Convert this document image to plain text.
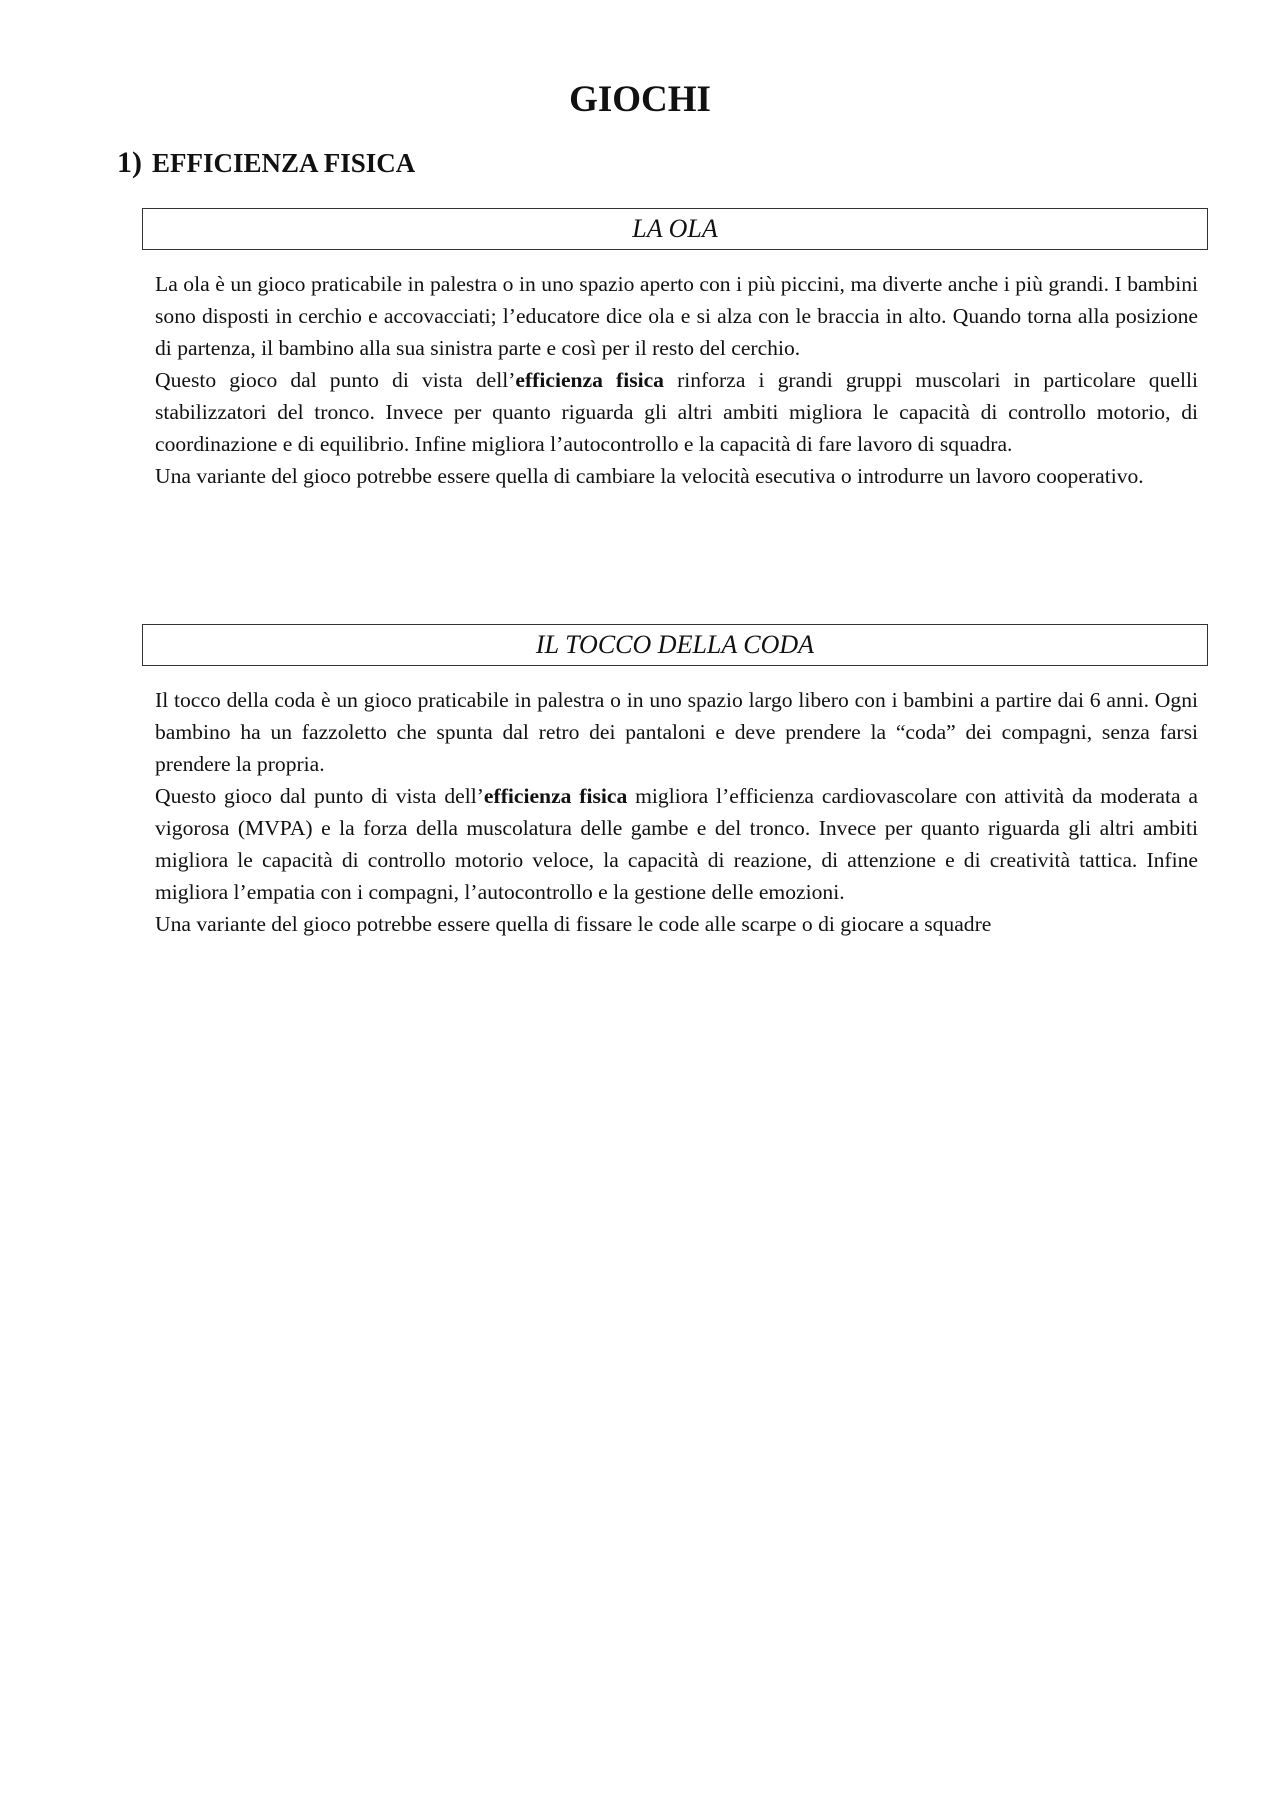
GIOCHI
1) EFFICIENZA FISICA
LA OLA

La ola è un gioco praticabile in palestra o in uno spazio aperto con i più piccini, ma diverte anche i più grandi. I bambini sono disposti in cerchio e accovacciati; l’educatore dice ola e si alza con le braccia in alto. Quando torna alla posizione di partenza, il bambino alla sua sinistra parte e così per il resto del cerchio.

Questo gioco dal punto di vista dell’efficienza fisica rinforza i grandi gruppi muscolari in particolare quelli stabilizzatori del tronco. Invece per quanto riguarda gli altri ambiti migliora le capacità di controllo motorio, di coordinazione e di equilibrio. Infine migliora l’autocontrollo e la capacità di fare lavoro di squadra.

Una variante del gioco potrebbe essere quella di cambiare la velocità esecutiva o introdurre un lavoro cooperativo.

IL TOCCO DELLA CODA

Il tocco della coda è un gioco praticabile in palestra o in uno spazio largo libero con i bambini a partire dai 6 anni. Ogni bambino ha un fazzoletto che spunta dal retro dei pantaloni e deve prendere la “coda” dei compagni, senza farsi prendere la propria.

Questo gioco dal punto di vista dell’efficienza fisica migliora l’efficienza cardiovascolare con attività da moderata a vigorosa (MVPA) e la forza della muscolatura delle gambe e del tronco. Invece per quanto riguarda gli altri ambiti migliora le capacità di controllo motorio veloce, la capacità di reazione, di attenzione e di creatività tattica. Infine migliora l’empatia con i compagni, l’autocontrollo e la gestione delle emozioni.

Una variante del gioco potrebbe essere quella di fissare le code alle scarpe o di giocare a squadre
